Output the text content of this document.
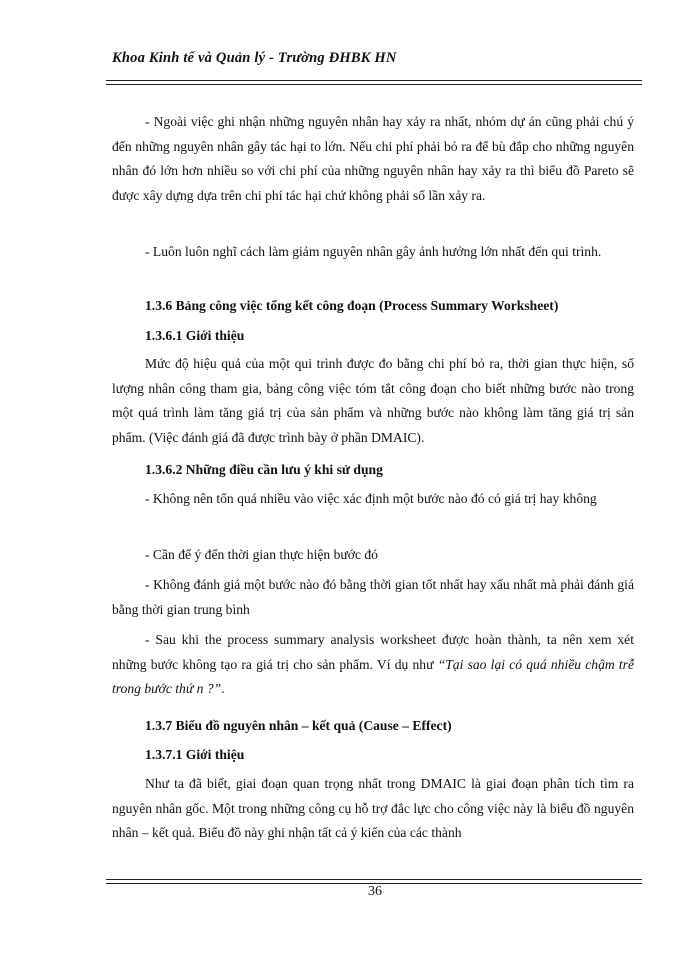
Khoa Kinh tế và Quản lý - Trường ĐHBK HN

- Ngoài việc ghi nhận những nguyên nhân hay xảy ra nhất, nhóm dự án cũng phải chú ý đến những nguyên nhân gây tác hại to lớn. Nếu chi phí phải bỏ ra để bù đắp cho những nguyên nhân đó lớn hơn nhiều so với chi phí của những nguyên nhân hay xảy ra thì biểu đồ Pareto sẽ được xây dựng dựa trên chi phí tác hại chứ không phải số lần xảy ra.

- Luôn luôn nghĩ cách làm giảm nguyên nhân gây ảnh hưởng lớn nhất đến qui trình.

1.3.6 Bảng công việc tổng kết công đoạn (Process Summary Worksheet)

1.3.6.1 Giới thiệu

Mức độ hiệu quả của một qui trình được đo bằng chi phí bỏ ra, thời gian thực hiện, số lượng nhân công tham gia, bảng công việc tóm tắt công đoạn cho biết những bước nào trong một quá trình làm tăng giá trị của sản phẩm và những bước nào không làm tăng giá trị sản phẩm. (Việc đánh giá đã được trình bày ở phần DMAIC).

1.3.6.2 Những điều cần lưu ý khi sử dụng

- Không nên tốn quá nhiều vào việc xác định một bước nào đó có giá trị hay không

- Cần để ý đến thời gian thực hiện bước đó

- Không đánh giá một bước nào đó bằng thời gian tốt nhất hay xấu nhất mà phải đánh giá bằng thời gian trung bình

- Sau khi the process summary analysis worksheet được hoàn thành, ta nên xem xét những bước không tạo ra giá trị cho sản phẩm. Ví dụ như “Tại sao lại có quá nhiều chậm trễ trong bước thứ n ?”.

1.3.7 Biểu đồ nguyên nhân – kết quả (Cause – Effect)

1.3.7.1 Giới thiệu

Như ta đã biết, giai đoạn quan trọng nhất trong DMAIC là giai đoạn phân tích tìm ra nguyên nhân gốc. Một trong những công cụ hỗ trợ đắc lực cho công việc này là biểu đồ nguyên nhân – kết quả. Biểu đồ này ghi nhận tất cả ý kiến của các thành

36
